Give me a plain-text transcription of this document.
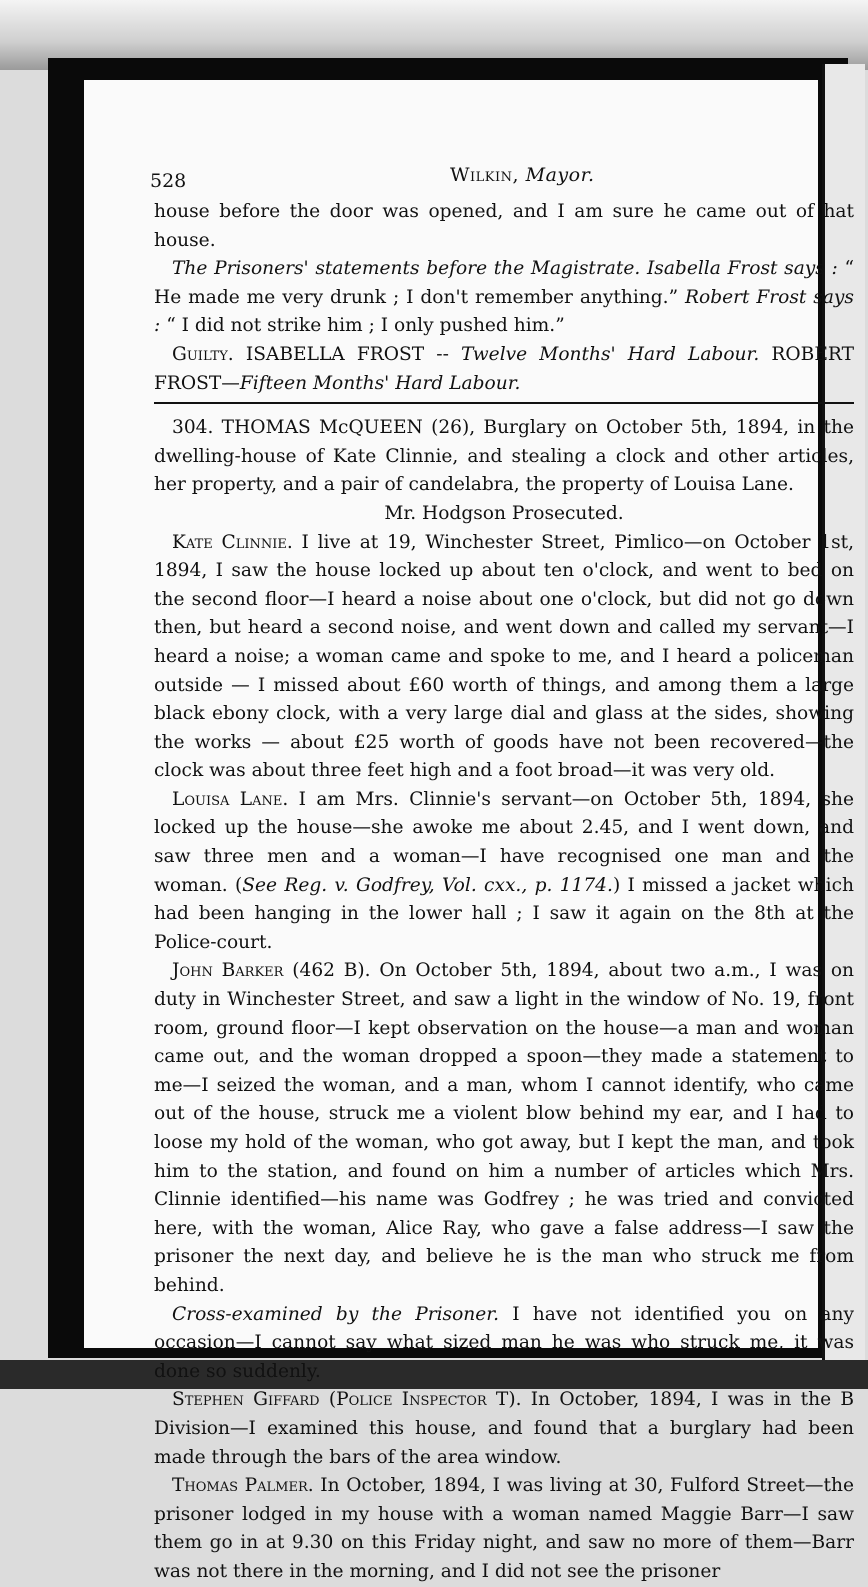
528	Wilkin, Mayor.

house before the door was opened, and I am sure he came out of hat house.

The Prisoners' statements before the Magistrate. Isabella Frost says : “ He made me very drunk ; I don't remember anything.” Robert Frost says : “ I did not strike him ; I only pushed him.”

Guilty. ISABELLA FROST -- Twelve Months' Hard Labour. ROBERT FROST—Fifteen Months' Hard Labour.

304. THOMAS McQUEEN (26), Burglary on October 5th, 1894, in the dwelling-house of Kate Clinnie, and stealing a clock and other articles, her property, and a pair of candelabra, the property of Louisa Lane.

Mr. Hodgson Prosecuted.

Kate Clinnie. I live at 19, Winchester Street, Pimlico—on October 1st, 1894, I saw the house locked up about ten o'clock, and went to bed on the second floor—I heard a noise about one o'clock, but did not go down then, but heard a second noise, and went down and called my servant—I heard a noise; a woman came and spoke to me, and I heard a policeman outside — I missed about £60 worth of things, and among them a large black ebony clock, with a very large dial and glass at the sides, showing the works — about £25 worth of goods have not been recovered—the clock was about three feet high and a foot broad—it was very old.

Louisa Lane. I am Mrs. Clinnie's servant—on October 5th, 1894, she locked up the house—she awoke me about 2.45, and I went down, and saw three men and a woman—I have recognised one man and the woman. (See Reg. v. Godfrey, Vol. cxx., p. 1174.) I missed a jacket which had been hanging in the lower hall ; I saw it again on the 8th at the Police-court.

John Barker (462 B). On October 5th, 1894, about two a.m., I was on duty in Winchester Street, and saw a light in the window of No. 19, front room, ground floor—I kept observation on the house—a man and woman came out, and the woman dropped a spoon—they made a statement to me—I seized the woman, and a man, whom I cannot identify, who came out of the house, struck me a violent blow behind my ear, and I had to loose my hold of the woman, who got away, but I kept the man, and took him to the station, and found on him a number of articles which Mrs. Clinnie identified—his name was Godfrey ; he was tried and convicted here, with the woman, Alice Ray, who gave a false address—I saw the prisoner the next day, and believe he is the man who struck me from behind.

Cross-examined by the Prisoner. I have not identified you on any occasion—I cannot say what sized man he was who struck me, it was done so suddenly.

Stephen Giffard (Police Inspector T). In October, 1894, I was in the B Division—I examined this house, and found that a burglary had been made through the bars of the area window.

Thomas Palmer. In October, 1894, I was living at 30, Fulford Street—the prisoner lodged in my house with a woman named Maggie Barr—I saw them go in at 9.30 on this Friday night, and saw no more of them—Barr was not there in the morning, and I did not see the prisoner
